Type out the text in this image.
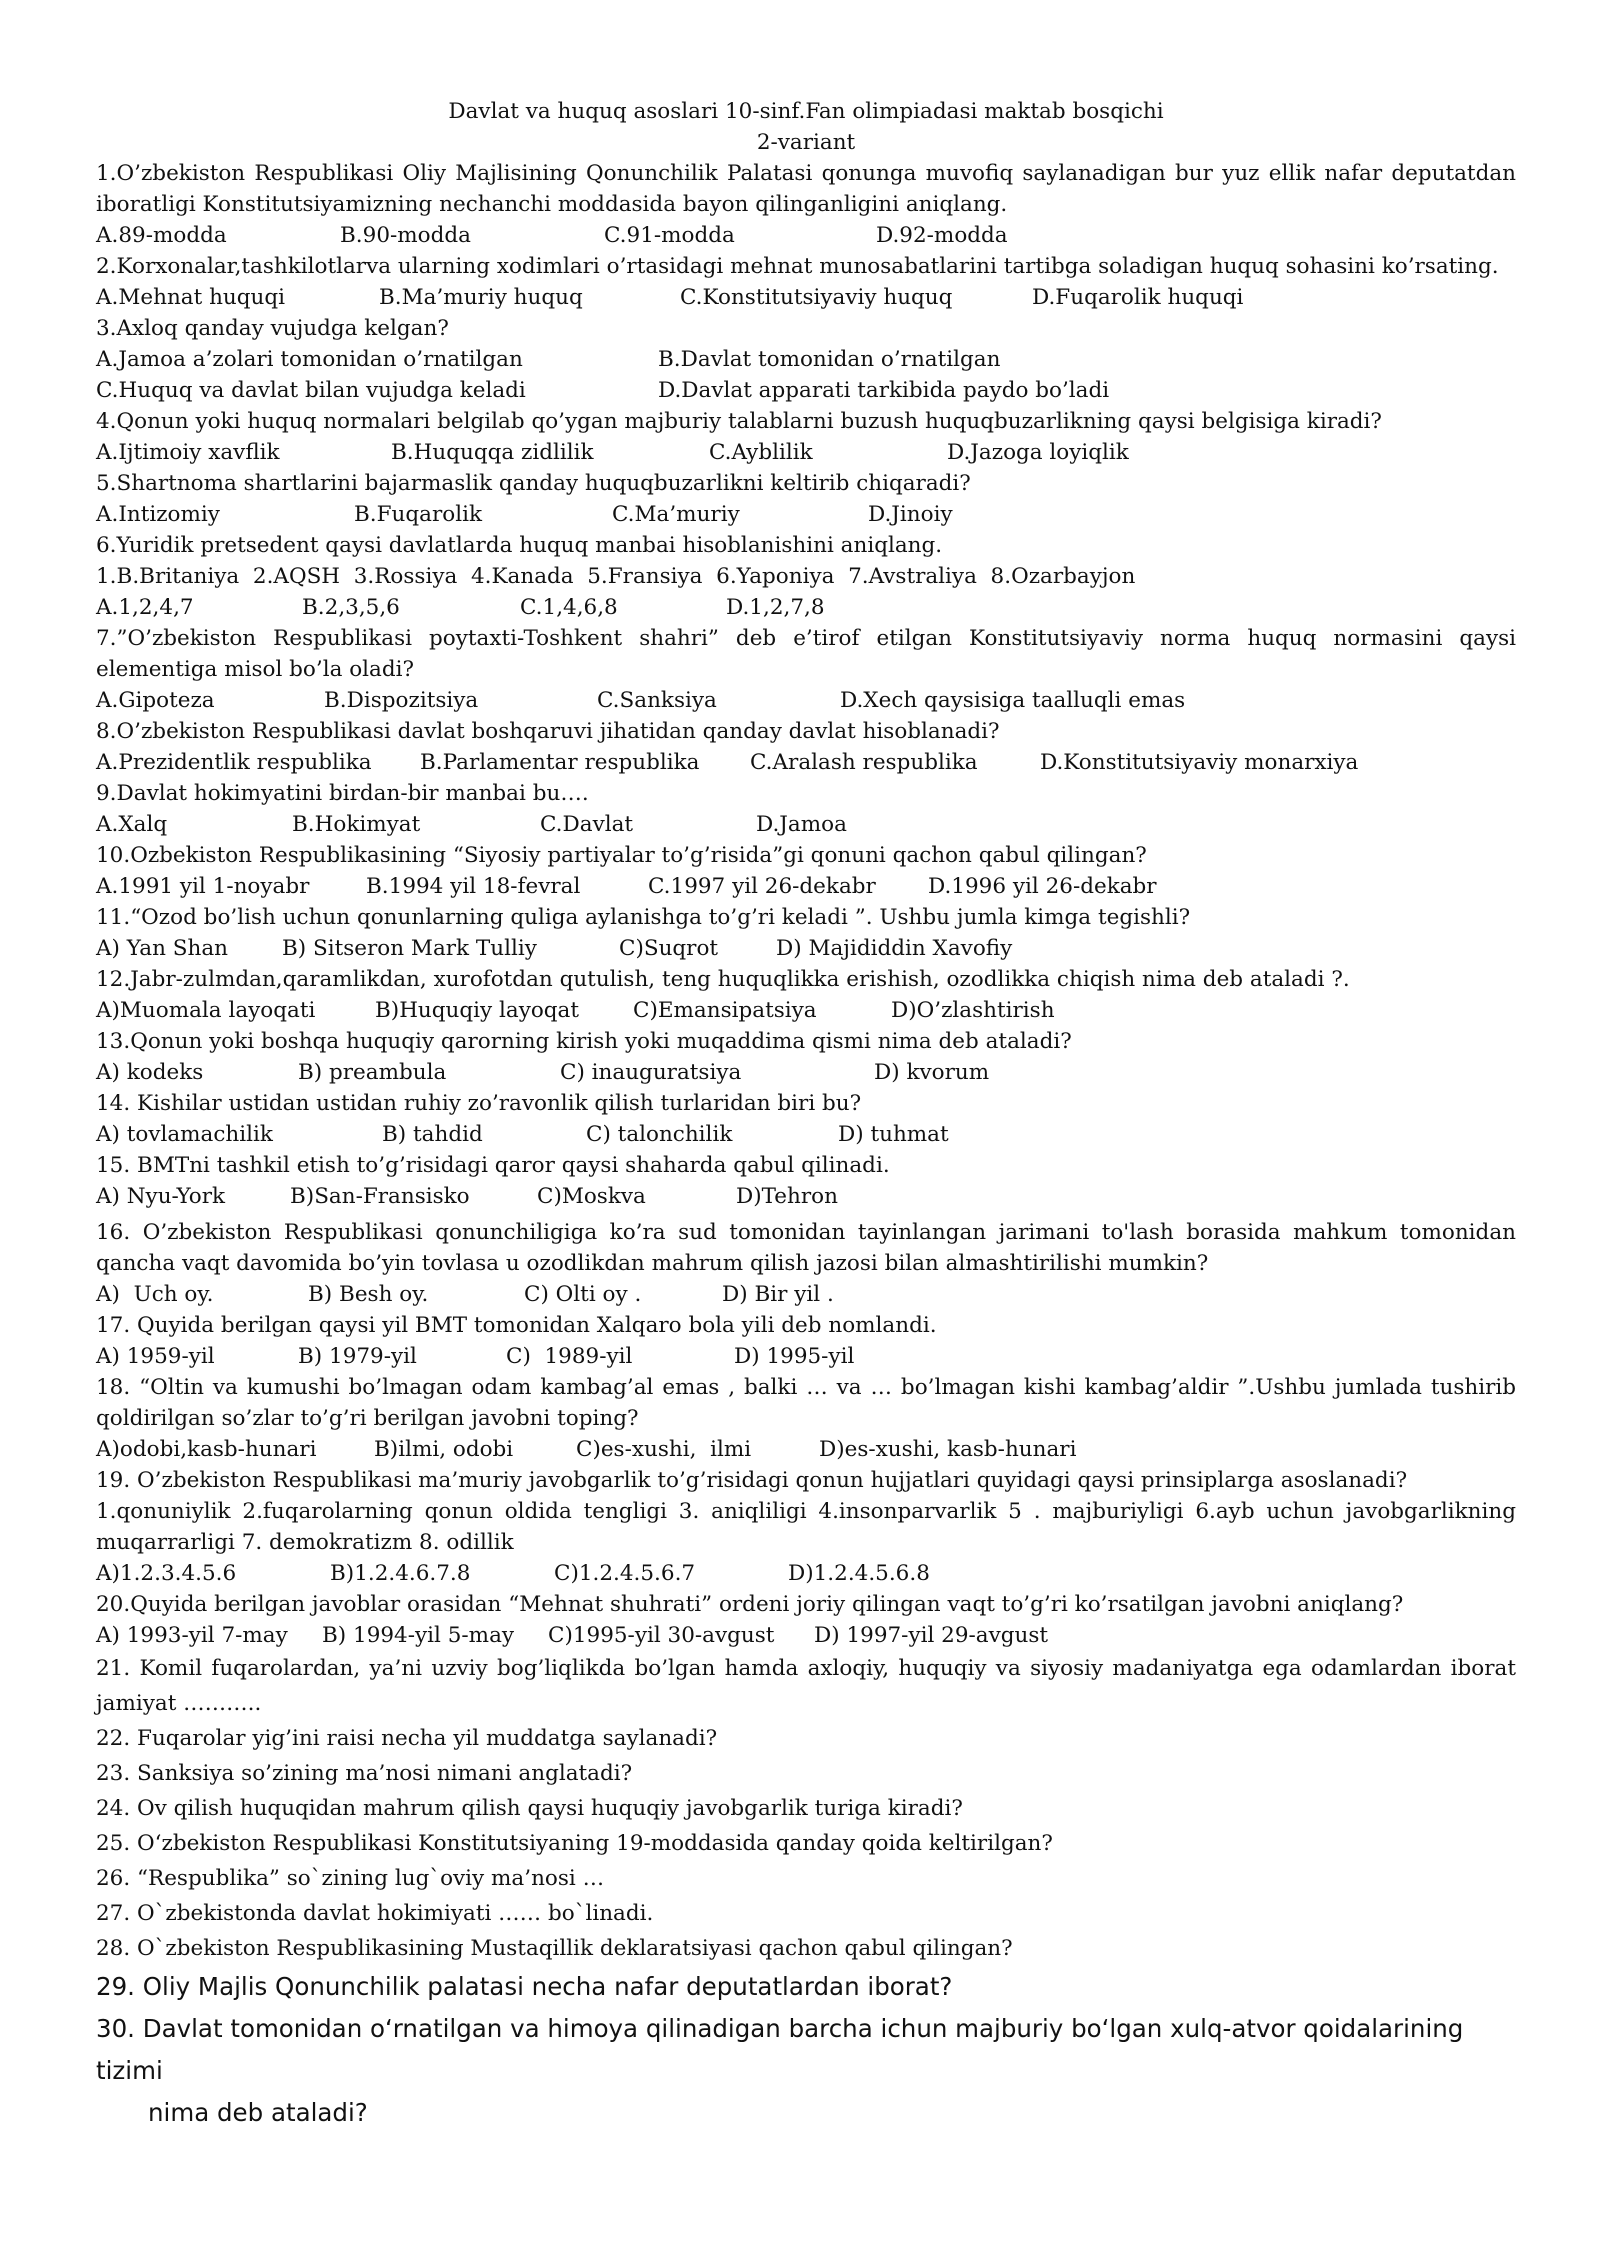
Davlat va huquq asoslari 10-sinf.Fan olimpiadasi maktab bosqichi
2-variant
1.O’zbekiston Respublikasi Oliy Majlisining Qonunchilik Palatasi qonunga muvofiq saylanadigan bur yuz ellik nafar deputatdan iboratligi Konstitutsiyamizning nechanchi moddasida bayon qilinganligini aniqlang.
A.89-modda	B.90-modda	C.91-modda	D.92-modda
2.Korxonalar,tashkilotlarva ularning xodimlari o’rtasidagi mehnat munosabatlarini tartibga soladigan huquq sohasini ko’rsating.
A.Mehnat huquqi	B.Ma’muriy huquq	C.Konstitutsiyaviy huquq	D.Fuqarolik huquqi
3.Axloq qanday vujudga kelgan?
A.Jamoa a’zolari tomonidan o’rnatilgan	B.Davlat tomonidan o’rnatilgan
C.Huquq va davlat bilan vujudga keladi	D.Davlat apparati tarkibida paydo bo’ladi
4.Qonun yoki huquq normalari belgilab qo’ygan majburiy talablarni buzush huquqbuzarlikning qaysi belgisiga kiradi?
A.Ijtimoiy xavflik	B.Huquqqa zidlilik	C.Ayblilik	D.Jazoga loyiqlik
5.Shartnoma shartlarini bajarmaslik qanday huquqbuzarlikni keltirib chiqaradi?
A.Intizomiy	B.Fuqarolik	C.Ma’muriy	D.Jinoiy
6.Yuridik pretsedent qaysi davlatlarda huquq manbai hisoblanishini aniqlang.
1.B.Britaniya  2.AQSH  3.Rossiya  4.Kanada  5.Fransiya  6.Yaponiya  7.Avstraliya  8.Ozarbayjon
A.1,2,4,7	B.2,3,5,6	C.1,4,6,8	D.1,2,7,8
7.”O’zbekiston Respublikasi poytaxti-Toshkent shahri” deb e’tirof etilgan Konstitutsiyaviy norma huquq normasini qaysi elementiga misol bo’la oladi?
A.Gipoteza	B.Dispozitsiya	C.Sanksiya	D.Xech qaysisiga taalluqli emas
8.O’zbekiston Respublikasi davlat boshqaruvi jihatidan qanday davlat hisoblanadi?
A.Prezidentlik respublika	B.Parlamentar respublika	C.Aralash respublika	D.Konstitutsiyaviy monarxiya
9.Davlat hokimyatini birdan-bir manbai bu….
A.Xalq	B.Hokimyat	C.Davlat	D.Jamoa
10.Ozbekiston Respublikasining “Siyosiy partiyalar to’g’risida”gi qonuni qachon qabul qilingan?
A.1991 yil 1-noyabr	B.1994 yil 18-fevral	C.1997 yil 26-dekabr	D.1996 yil 26-dekabr
11.“Ozod bo’lish uchun qonunlarning quliga aylanishga to’g’ri keladi ”. Ushbu jumla kimga tegishli?
A) Yan Shan	B) Sitseron Mark Tulliy	C)Suqrot	D) Majididdin Xavofiy
12.Jabr-zulmdan,qaramlikdan, xurofotdan qutulish, teng huquqlikka erishish, ozodlikka chiqish nima deb ataladi ?.
A)Muomala layoqati	B)Huquqiy layoqat	C)Emansipatsiya	D)O’zlashtirish
13.Qonun yoki boshqa huquqiy qarorning kirish yoki muqaddima qismi nima deb ataladi?
A) kodeks	B) preambula	C) inauguratsiya	D) kvorum
14. Kishilar ustidan ustidan ruhiy zo’ravonlik qilish turlaridan biri bu?
A) tovlamachilik	B) tahdid	C) talonchilik	D) tuhmat
15. BMTni tashkil etish to’g’risidagi qaror qaysi shaharda qabul qilinadi.
A) Nyu-York	B)San-Fransisko	C)Moskva	D)Tehron
16. O’zbekiston Respublikasi qonunchiligiga ko’ra sud tomonidan tayinlangan jarimani to'lash borasida mahkum tomonidan qancha vaqt davomida bo’yin tovlasa u ozodlikdan mahrum qilish jazosi bilan almashtirilishi mumkin?
A)  Uch oy.	B) Besh oy.	C) Olti oy .	D) Bir yil .
17. Quyida berilgan qaysi yil BMT tomonidan Xalqaro bola yili deb nomlandi.
A) 1959-yil	B) 1979-yil	C)  1989-yil	D) 1995-yil
18. “Oltin va kumushi bo’lmagan odam kambag’al emas , balki … va … bo’lmagan kishi kambag’aldir ”.Ushbu jumlada tushirib qoldirilgan so’zlar to’g’ri berilgan javobni toping?
A)odobi,kasb-hunari	B)ilmi, odobi	C)es-xushi,  ilmi	D)es-xushi, kasb-hunari
19. O’zbekiston Respublikasi ma’muriy javobgarlik to’g’risidagi qonun hujjatlari quyidagi qaysi prinsiplarga asoslanadi?
1.qonuniylik 2.fuqarolarning qonun oldida tengligi 3. aniqliligi 4.insonparvarlik 5 . majburiyligi 6.ayb uchun javobgarlikning muqarrarligi 7. demokratizm 8. odillik
A)1.2.3.4.5.6	B)1.2.4.6.7.8	C)1.2.4.5.6.7	D)1.2.4.5.6.8
20.Quyida berilgan javoblar orasidan “Mehnat shuhrati” ordeni joriy qilingan vaqt to’g’ri ko’rsatilgan javobni aniqlang?
A) 1993-yil 7-may	B) 1994-yil 5-may	C)1995-yil 30-avgust	D) 1997-yil 29-avgust
21. Komil fuqarolardan, ya’ni uzviy bog’liqlikda bo’lgan hamda axloqiy, huquqiy va siyosiy madaniyatga ega odamlardan iborat jamiyat ………..
22. Fuqarolar yig’ini raisi necha yil muddatga saylanadi?
23. Sanksiya so’zining ma’nosi nimani anglatadi?
24. Ov qilish huquqidan mahrum qilish qaysi huquqiy javobgarlik turiga kiradi?
25. O‘zbekiston Respublikasi Konstitutsiyaning 19-moddasida qanday qoida keltirilgan?
26. “Respublika” so`zining lug`oviy ma’nosi …
27. O`zbekistonda davlat hokimiyati …… bo`linadi.
28. O`zbekiston Respublikasining Mustaqillik deklaratsiyasi qachon qabul qilingan?
29. Oliy Majlis Qonunchilik palatasi necha nafar deputatlardan iborat?
30. Davlat tomonidan o‘rnatilgan va himoya qilinadigan barcha ichun majburiy bo‘lgan xulq-atvor qoidalarining tizimi
nima deb ataladi?
